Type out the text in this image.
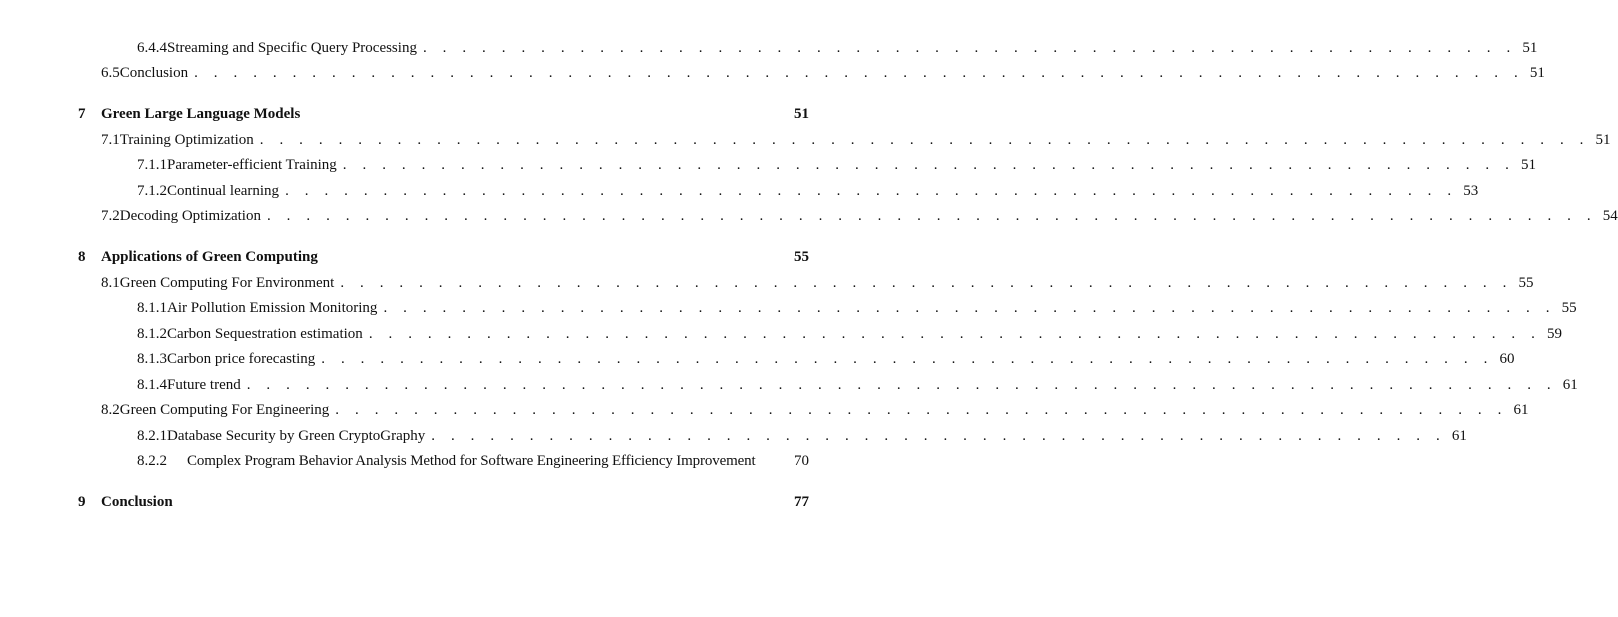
6.4.4 Streaming and Specific Query Processing . . . . . . . . . . . . . . . . . . . . . . . . . . . . . . . . . . . . . . . . . . . . . . . . . . . . . . . . 51
6.5 Conclusion . . . . . . . . . . . . . . . . . . . . . . . . . . . . . . . . . . . . . . . . . . . . . . . . . . . . . . . . . . . . . . . . . . . . 51
7	Green Large Language Models	51
7.1 Training Optimization . . . . . . . . . . . . . . . . . . . . . . . . . . . . . . . . . . . . . . . . . . . . . . . . . . . . . . . . . . . . . . . . . . . . 51
7.1.1 Parameter-efficient Training . . . . . . . . . . . . . . . . . . . . . . . . . . . . . . . . . . . . . . . . . . . . . . . . . . . . . . . . . . . . 51
7.1.2 Continual learning . . . . . . . . . . . . . . . . . . . . . . . . . . . . . . . . . . . . . . . . . . . . . . . . . . . . . . . . . . . . 53
7.2 Decoding Optimization . . . . . . . . . . . . . . . . . . . . . . . . . . . . . . . . . . . . . . . . . . . . . . . . . . . . . . . . . . . . . . . . . . . . 54
8	Applications of Green Computing	55
8.1 Green Computing For Environment . . . . . . . . . . . . . . . . . . . . . . . . . . . . . . . . . . . . . . . . . . . . . . . . . . . . . . . . . . . . 55
8.1.1 Air Pollution Emission Monitoring . . . . . . . . . . . . . . . . . . . . . . . . . . . . . . . . . . . . . . . . . . . . . . . . . . . . . . . . . . . . 55
8.1.2 Carbon Sequestration estimation . . . . . . . . . . . . . . . . . . . . . . . . . . . . . . . . . . . . . . . . . . . . . . . . . . . . . . . . . . . . 59
8.1.3 Carbon price forecasting . . . . . . . . . . . . . . . . . . . . . . . . . . . . . . . . . . . . . . . . . . . . . . . . . . . . . . . . . . . . 60
8.1.4 Future trend . . . . . . . . . . . . . . . . . . . . . . . . . . . . . . . . . . . . . . . . . . . . . . . . . . . . . . . . . . . . . . . . . . . 61
8.2 Green Computing For Engineering . . . . . . . . . . . . . . . . . . . . . . . . . . . . . . . . . . . . . . . . . . . . . . . . . . . . . . . . . . . . 61
8.2.1 Database Security by Green CryptoGraphy . . . . . . . . . . . . . . . . . . . . . . . . . . . . . . . . . . . . . . . . . . . . . . . . . . . . 61
8.2.2	Complex Program Behavior Analysis Method for Software Engineering Efficiency Improvement	70
9	Conclusion	77
